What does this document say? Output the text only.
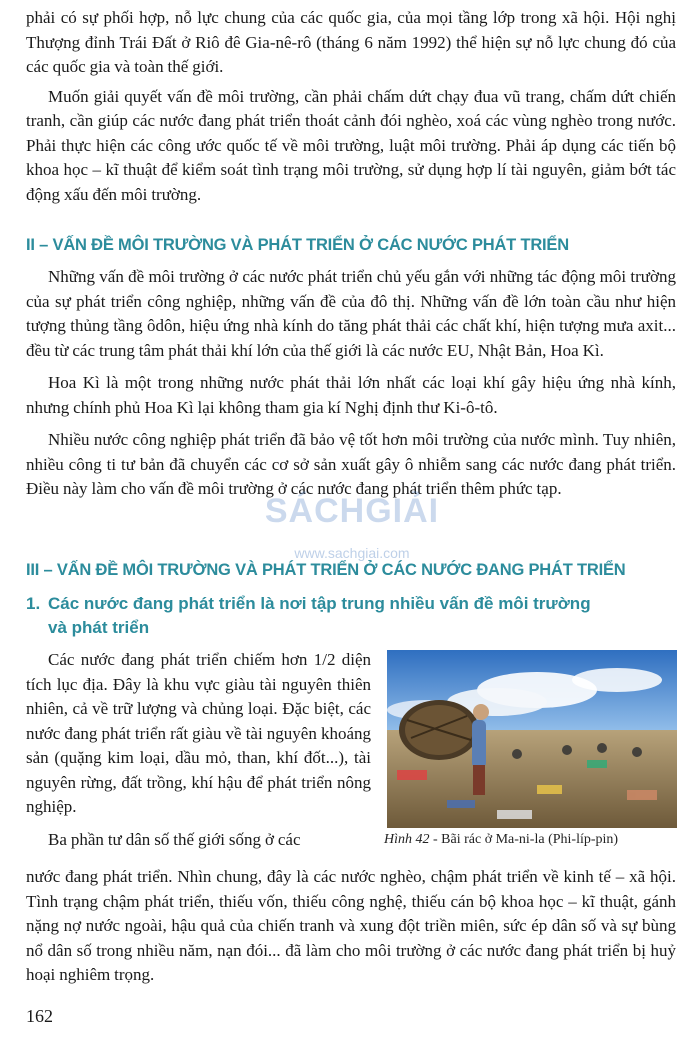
phải có sự phối hợp, nỗ lực chung của các quốc gia, của mọi tầng lớp trong xã hội. Hội nghị Thượng đỉnh Trái Đất ở Riô đê Gia-nê-rô (tháng 6 năm 1992) thể hiện sự nỗ lực chung đó của các quốc gia và toàn thế giới.

Muốn giải quyết vấn đề môi trường, cần phải chấm dứt chạy đua vũ trang, chấm dứt chiến tranh, cần giúp các nước đang phát triển thoát cảnh đói nghèo, xoá các vùng nghèo trong nước. Phải thực hiện các công ước quốc tế về môi trường, luật môi trường. Phải áp dụng các tiến bộ khoa học – kĩ thuật để kiểm soát tình trạng môi trường, sử dụng hợp lí tài nguyên, giảm bớt tác động xấu đến môi trường.

II – VẤN ĐỀ MÔI TRƯỜNG VÀ PHÁT TRIỂN Ở CÁC NƯỚC PHÁT TRIỂN

Những vấn đề môi trường ở các nước phát triển chủ yếu gắn với những tác động môi trường của sự phát triển công nghiệp, những vấn đề của đô thị. Những vấn đề lớn toàn cầu như hiện tượng thủng tầng ôdôn, hiệu ứng nhà kính do tăng phát thải các chất khí, hiện tượng mưa axit... đều từ các trung tâm phát thải khí lớn của thế giới là các nước EU, Nhật Bản, Hoa Kì.

Hoa Kì là một trong những nước phát thải lớn nhất các loại khí gây hiệu ứng nhà kính, nhưng chính phủ Hoa Kì lại không tham gia kí Nghị định thư Ki-ô-tô.

Nhiều nước công nghiệp phát triển đã bảo vệ tốt hơn môi trường của nước mình. Tuy nhiên, nhiều công ti tư bản đã chuyển các cơ sở sản xuất gây ô nhiễm sang các nước đang phát triển. Điều này làm cho vấn đề môi trường ở các nước đang phát triển thêm phức tạp.

III – VẤN ĐỀ MÔI TRƯỜNG VÀ PHÁT TRIỂN Ở CÁC NƯỚC ĐANG PHÁT TRIỂN
1. Các nước đang phát triển là nơi tập trung nhiều vấn đề môi trường
và phát triển

Các nước đang phát triển chiếm hơn 1/2 diện tích lục địa. Đây là khu vực giàu tài nguyên thiên nhiên, cả về trữ lượng và chủng loại. Đặc biệt, các nước đang phát triển rất giàu về tài nguyên khoáng sản (quặng kim loại, dầu mỏ, than, khí đốt...), tài nguyên rừng, đất trồng, khí hậu để phát triển nông nghiệp.

Ba phần tư dân số thế giới sống ở các

nước đang phát triển. Nhìn chung, đây là các nước nghèo, chậm phát triển về kinh tế – xã hội. Tình trạng chậm phát triển, thiếu vốn, thiếu công nghệ, thiếu cán bộ khoa học – kĩ thuật, gánh nặng nợ nước ngoài, hậu quả của chiến tranh và xung đột triền miên, sức ép dân số và sự bùng nổ dân số trong nhiều năm, nạn đói... đã làm cho môi trường ở các nước đang phát triển bị huỷ hoại nghiêm trọng.

Hình 42 - Bãi rác ở Ma-ni-la (Phi-líp-pin)
SÁCHGIẢI
www.sachgiai.com
162
